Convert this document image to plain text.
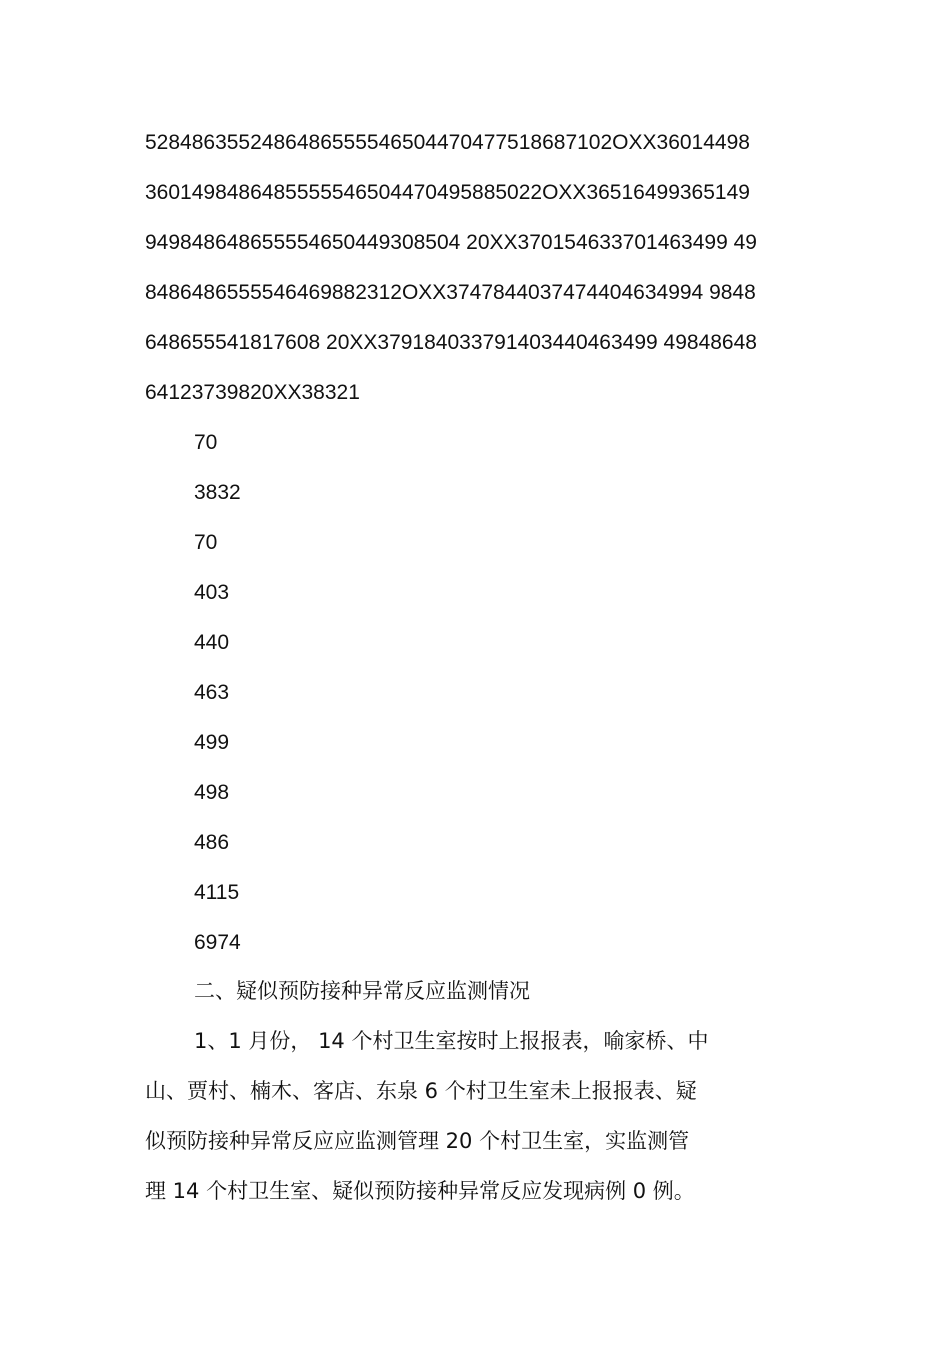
5284863552486486555546504470477518687102OXX36014498
3601498486485555546504470495885022OXX36516499365149
949848648655554650449308504 20XX370154633701463499 49
8486486555546469882312OXX3747844037474404634994 9848
648655541817608 20XX379184033791403440463499 49848648
64123739820XX38321
70
3832
70
403
440
463
499
498
486
4115
6974
二、疑似预防接种异常反应监测情况
1、1 月份， 14 个村卫生室按时上报报表，喻家桥、中
山、贾村、楠木、客店、东泉 6 个村卫生室未上报报表、疑
似预防接种异常反应应监测管理 20 个村卫生室，实监测管
理 14 个村卫生室、疑似预防接种异常反应发现病例 0 例。
